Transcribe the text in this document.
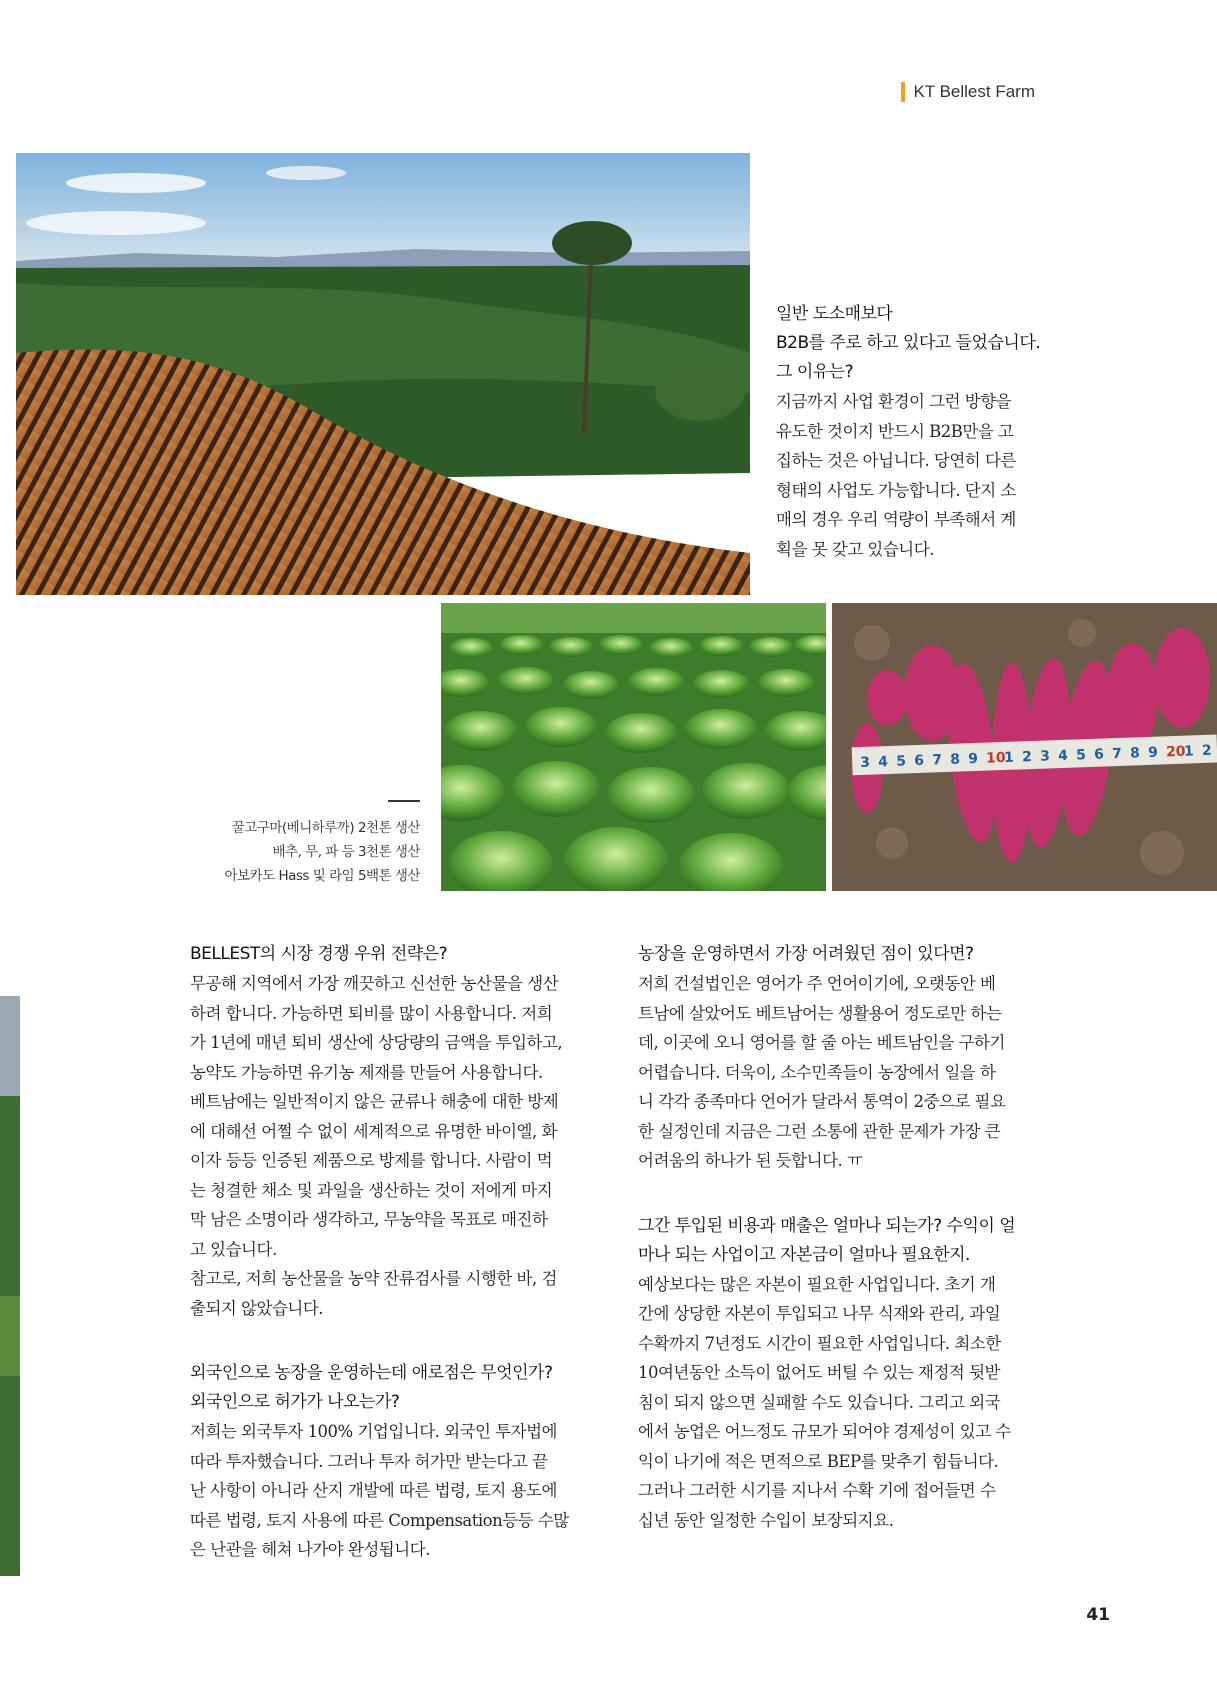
KT Bellest Farm
일반 도소매보다
B2B를 주로 하고 있다고 들었습니다.
그 이유는?
지금까지 사업 환경이 그런 방향을
유도한 것이지 반드시 B2B만을 고
집하는 것은 아닙니다. 당연히 다른
형태의 사업도 가능합니다. 단지 소
매의 경우 우리 역량이 부족해서 계
획을 못 갖고 있습니다.
3 4 5 6 7 8 9 10
1 2 3 4 5 6 7 8 9 20
1 2
꿀고구마(베니하루까) 2천톤 생산
배추, 무, 파 등 3천톤 생산
아보카도 Hass 및 라임 5백톤 생산
BELLEST의 시장 경쟁 우위 전략은?
무공해 지역에서 가장 깨끗하고 신선한 농산물을 생산
하려 합니다. 가능하면 퇴비를 많이 사용합니다. 저희
가 1년에 매년 퇴비 생산에 상당량의 금액을 투입하고,
농약도 가능하면 유기농 제재를 만들어 사용합니다.
베트남에는 일반적이지 않은 균류나 해충에 대한 방제
에 대해선 어쩔 수 없이 세계적으로 유명한 바이엘, 화
이자 등등 인증된 제품으로 방제를 합니다. 사람이 먹
는 청결한 채소 및 과일을 생산하는 것이 저에게 마지
막 남은 소명이라 생각하고, 무농약을 목표로 매진하
고 있습니다.
참고로, 저희 농산물을 농약 잔류검사를 시행한 바, 검
출되지 않았습니다.
외국인으로 농장을 운영하는데 애로점은 무엇인가?
외국인으로 허가가 나오는가?
저희는 외국투자 100% 기업입니다. 외국인 투자법에
따라 투자했습니다. 그러나 투자 허가만 받는다고 끝
난 사항이 아니라 산지 개발에 따른 법령, 토지 용도에
따른 법령, 토지 사용에 따른 Compensation등등 수많
은 난관을 헤쳐 나가야 완성됩니다.
농장을 운영하면서 가장 어려웠던 점이 있다면?
저희 건설법인은 영어가 주 언어이기에, 오랫동안 베
트남에 살았어도 베트남어는 생활용어 정도로만 하는
데, 이곳에 오니 영어를 할 줄 아는 베트남인을 구하기
어렵습니다. 더욱이, 소수민족들이 농장에서 일을 하
니 각각 종족마다 언어가 달라서 통역이 2중으로 필요
한 실정인데 지금은 그런 소통에 관한 문제가 가장 큰
어려움의 하나가 된 듯합니다. ㅠ
그간 투입된 비용과 매출은 얼마나 되는가? 수익이 얼
마나 되는 사업이고 자본금이 얼마나 필요한지.
예상보다는 많은 자본이 필요한 사업입니다. 초기 개
간에 상당한 자본이 투입되고 나무 식재와 관리, 과일
수확까지 7년정도 시간이 필요한 사업입니다. 최소한
10여년동안 소득이 없어도 버틸 수 있는 재정적 뒷받
침이 되지 않으면 실패할 수도 있습니다. 그리고 외국
에서 농업은 어느정도 규모가 되어야 경제성이 있고 수
익이 나기에 적은 면적으로 BEP를 맞추기 힘듭니다.
그러나 그러한 시기를 지나서 수확 기에 접어들면 수
십년 동안 일정한 수입이 보장되지요.
41
